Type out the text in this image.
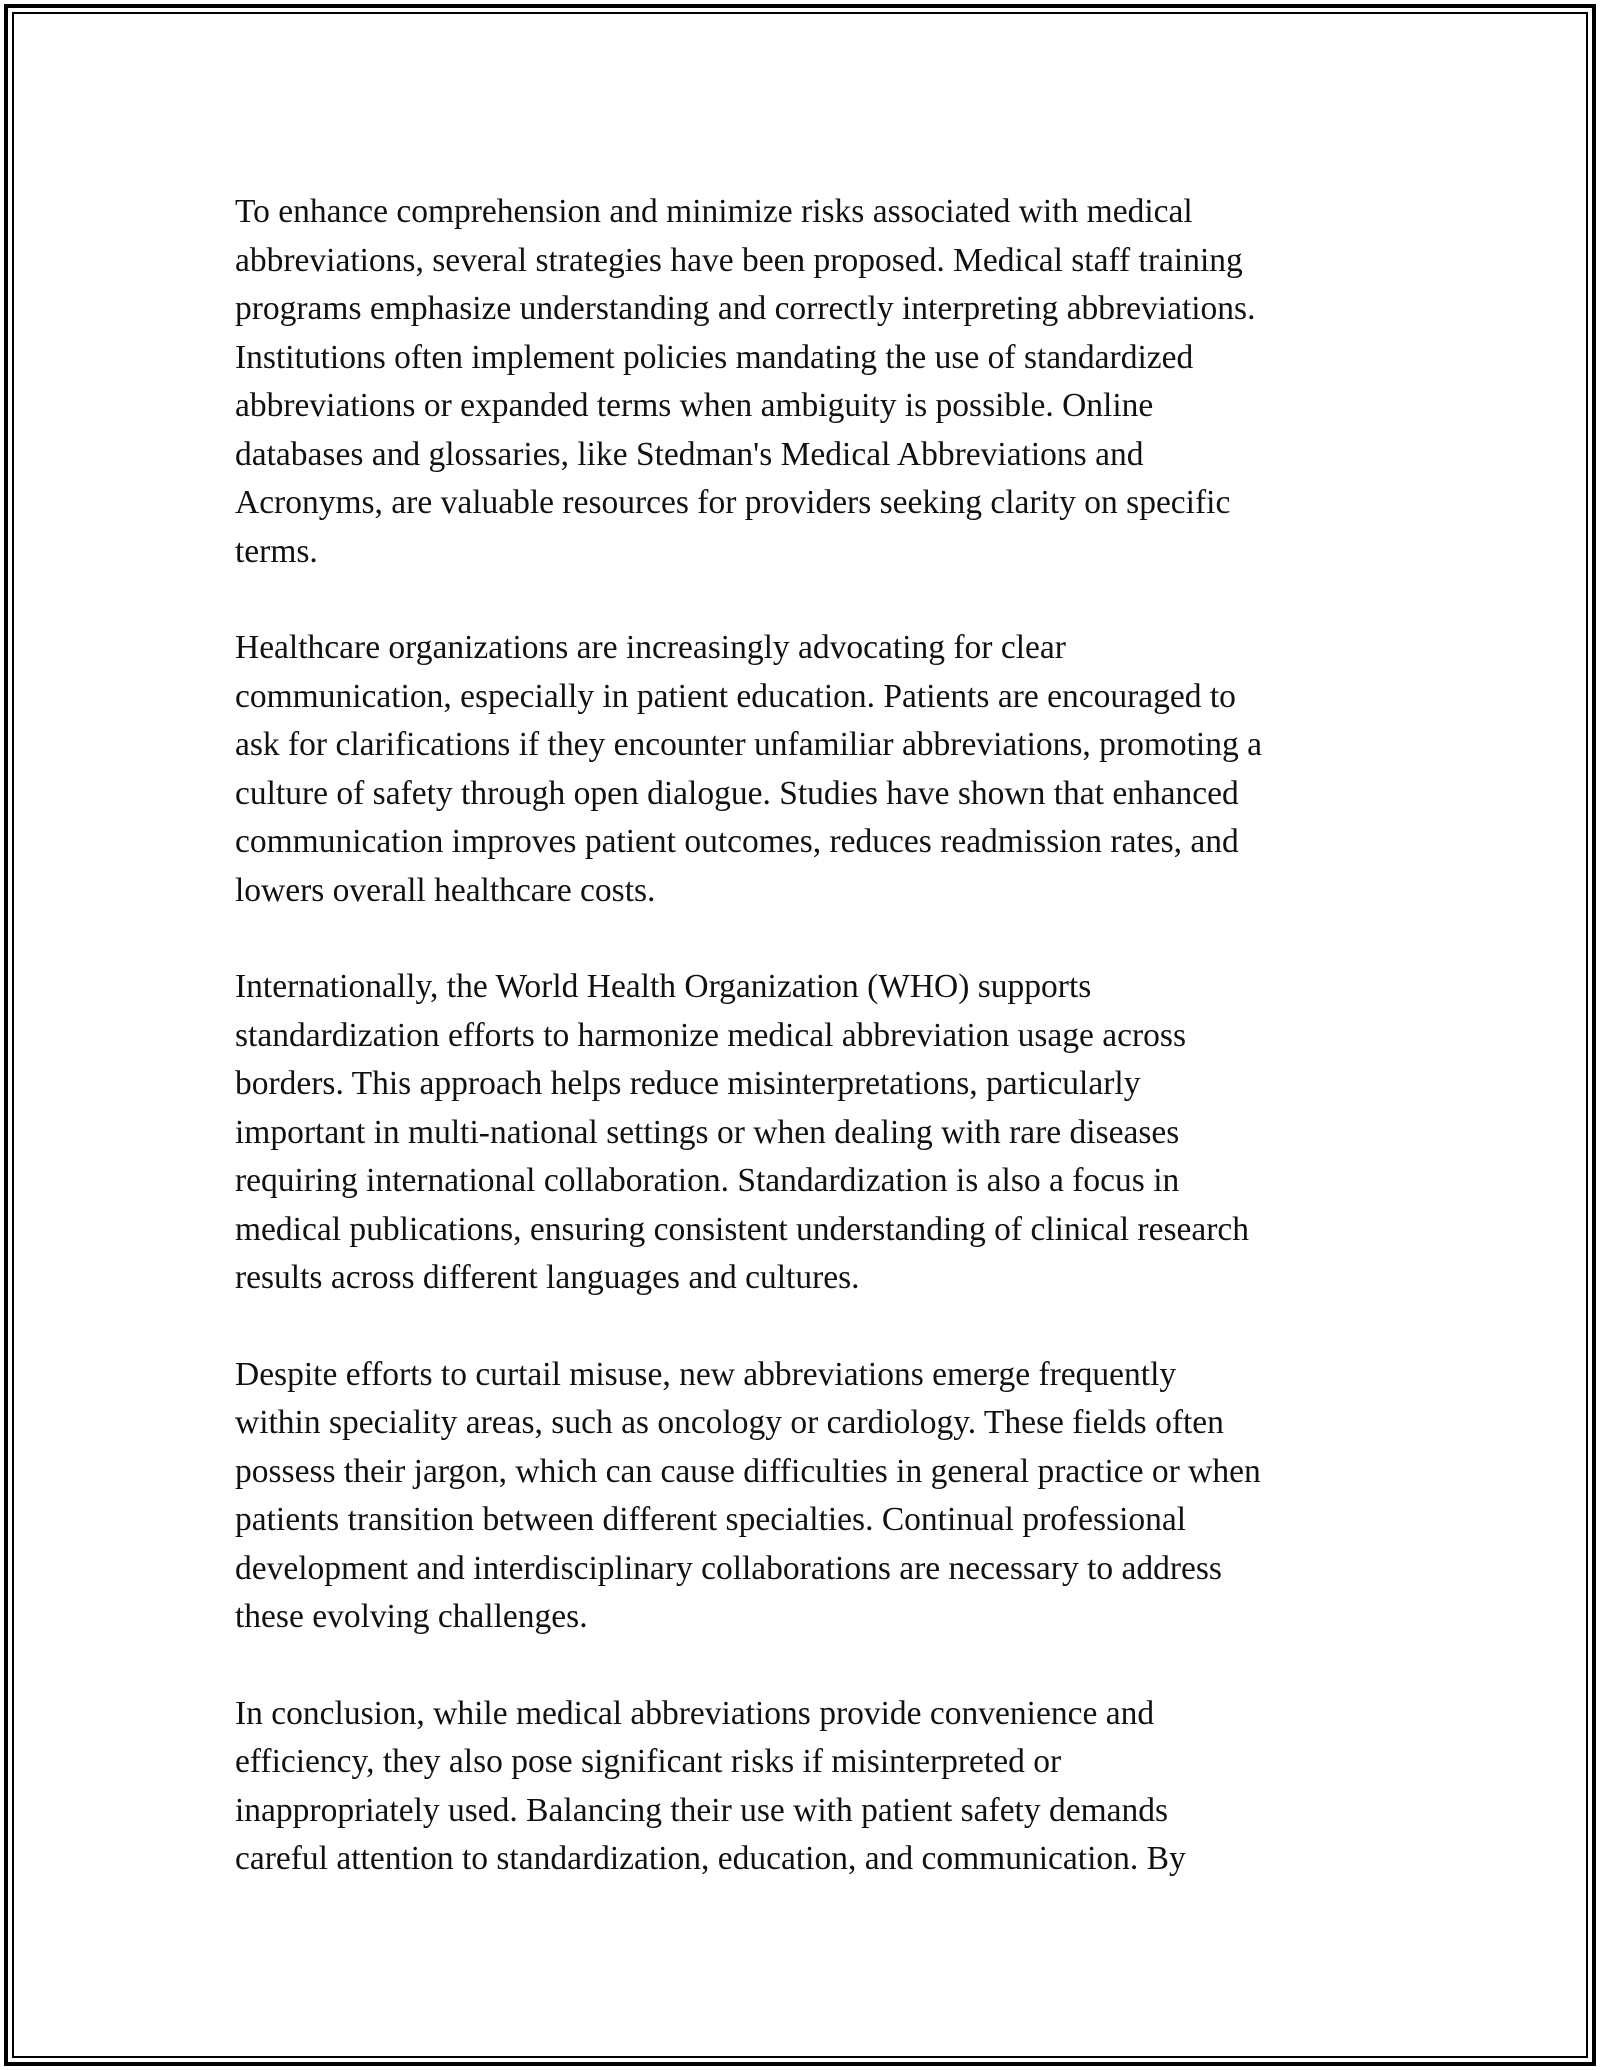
To enhance comprehension and minimize risks associated with medical
abbreviations, several strategies have been proposed. Medical staff training
programs emphasize understanding and correctly interpreting abbreviations.
Institutions often implement policies mandating the use of standardized
abbreviations or expanded terms when ambiguity is possible. Online
databases and glossaries, like Stedman's Medical Abbreviations and
Acronyms, are valuable resources for providers seeking clarity on specific
terms.

Healthcare organizations are increasingly advocating for clear
communication, especially in patient education. Patients are encouraged to
ask for clarifications if they encounter unfamiliar abbreviations, promoting a
culture of safety through open dialogue. Studies have shown that enhanced
communication improves patient outcomes, reduces readmission rates, and
lowers overall healthcare costs.

Internationally, the World Health Organization (WHO) supports
standardization efforts to harmonize medical abbreviation usage across
borders. This approach helps reduce misinterpretations, particularly
important in multi-national settings or when dealing with rare diseases
requiring international collaboration. Standardization is also a focus in
medical publications, ensuring consistent understanding of clinical research
results across different languages and cultures.

Despite efforts to curtail misuse, new abbreviations emerge frequently
within speciality areas, such as oncology or cardiology. These fields often
possess their jargon, which can cause difficulties in general practice or when
patients transition between different specialties. Continual professional
development and interdisciplinary collaborations are necessary to address
these evolving challenges.

In conclusion, while medical abbreviations provide convenience and
efficiency, they also pose significant risks if misinterpreted or
inappropriately used. Balancing their use with patient safety demands
careful attention to standardization, education, and communication. By
